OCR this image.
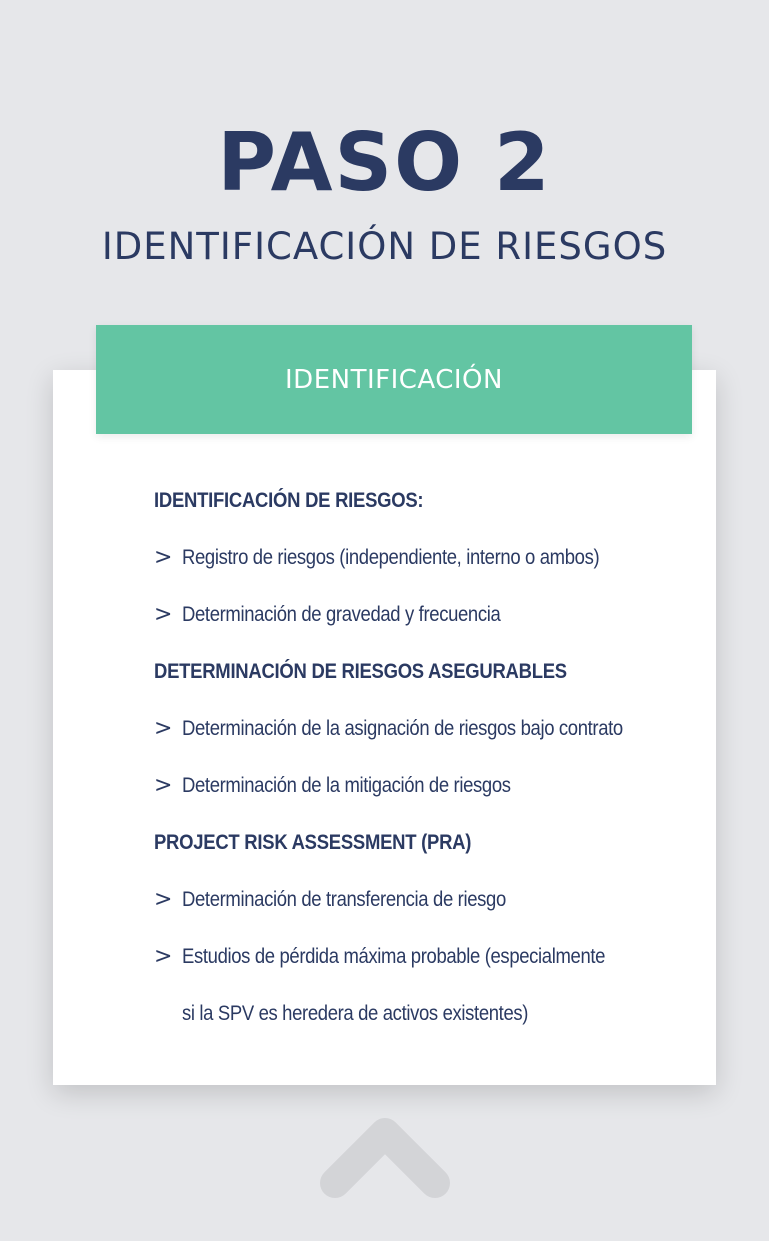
PASO 2
IDENTIFICACIÓN DE RIESGOS
IDENTIFICACIÓN DE RIESGOS:
> Registro de riesgos (independiente, interno o ambos)
> Determinación de gravedad y frecuencia
DETERMINACIÓN DE RIESGOS ASEGURABLES
> Determinación de la asignación de riesgos bajo contrato
> Determinación de la mitigación de riesgos
PROJECT RISK ASSESSMENT (PRA)
> Determinación de transferencia de riesgo
> Estudios de pérdida máxima probable (especialmente
si la SPV es heredera de activos existentes)
IDENTIFICACIÓN
